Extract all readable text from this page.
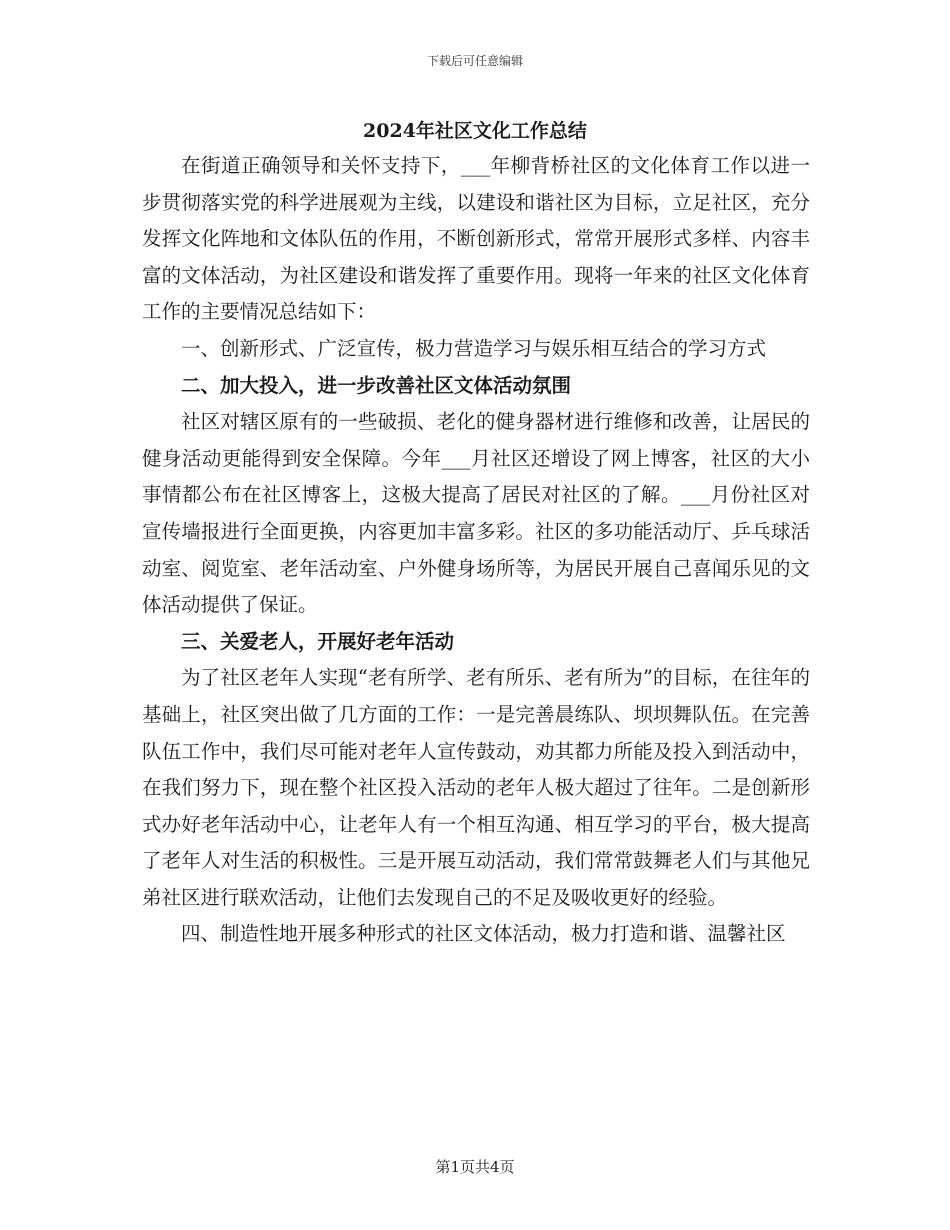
下载后可任意编辑
2024年社区文化工作总结

在街道正确领导和关怀支持下，___年柳背桥社区的文化体育工作以进一步贯彻落实党的科学进展观为主线，以建设和谐社区为目标，立足社区，充分发挥文化阵地和文体队伍的作用，不断创新形式，常常开展形式多样、内容丰富的文体活动，为社区建设和谐发挥了重要作用。现将一年来的社区文化体育工作的主要情况总结如下：

一、创新形式、广泛宣传，极力营造学习与娱乐相互结合的学习方式

二、加大投入，进一步改善社区文体活动氛围

社区对辖区原有的一些破损、老化的健身器材进行维修和改善，让居民的健身活动更能得到安全保障。今年___月社区还增设了网上博客，社区的大小事情都公布在社区博客上，这极大提高了居民对社区的了解。___月份社区对宣传墙报进行全面更换，内容更加丰富多彩。社区的多功能活动厅、乒乓球活动室、阅览室、老年活动室、户外健身场所等，为居民开展自己喜闻乐见的文体活动提供了保证。

三、关爱老人，开展好老年活动

为了社区老年人实现“老有所学、老有所乐、老有所为”的目标，在往年的基础上，社区突出做了几方面的工作：一是完善晨练队、坝坝舞队伍。在完善队伍工作中，我们尽可能对老年人宣传鼓动，劝其都力所能及投入到活动中，在我们努力下，现在整个社区投入活动的老年人极大超过了往年。二是创新形式办好老年活动中心，让老年人有一个相互沟通、相互学习的平台，极大提高了老年人对生活的积极性。三是开展互动活动，我们常常鼓舞老人们与其他兄弟社区进行联欢活动，让他们去发现自己的不足及吸收更好的经验。

四、制造性地开展多种形式的社区文体活动，极力打造和谐、温馨社区

第1页共4页
